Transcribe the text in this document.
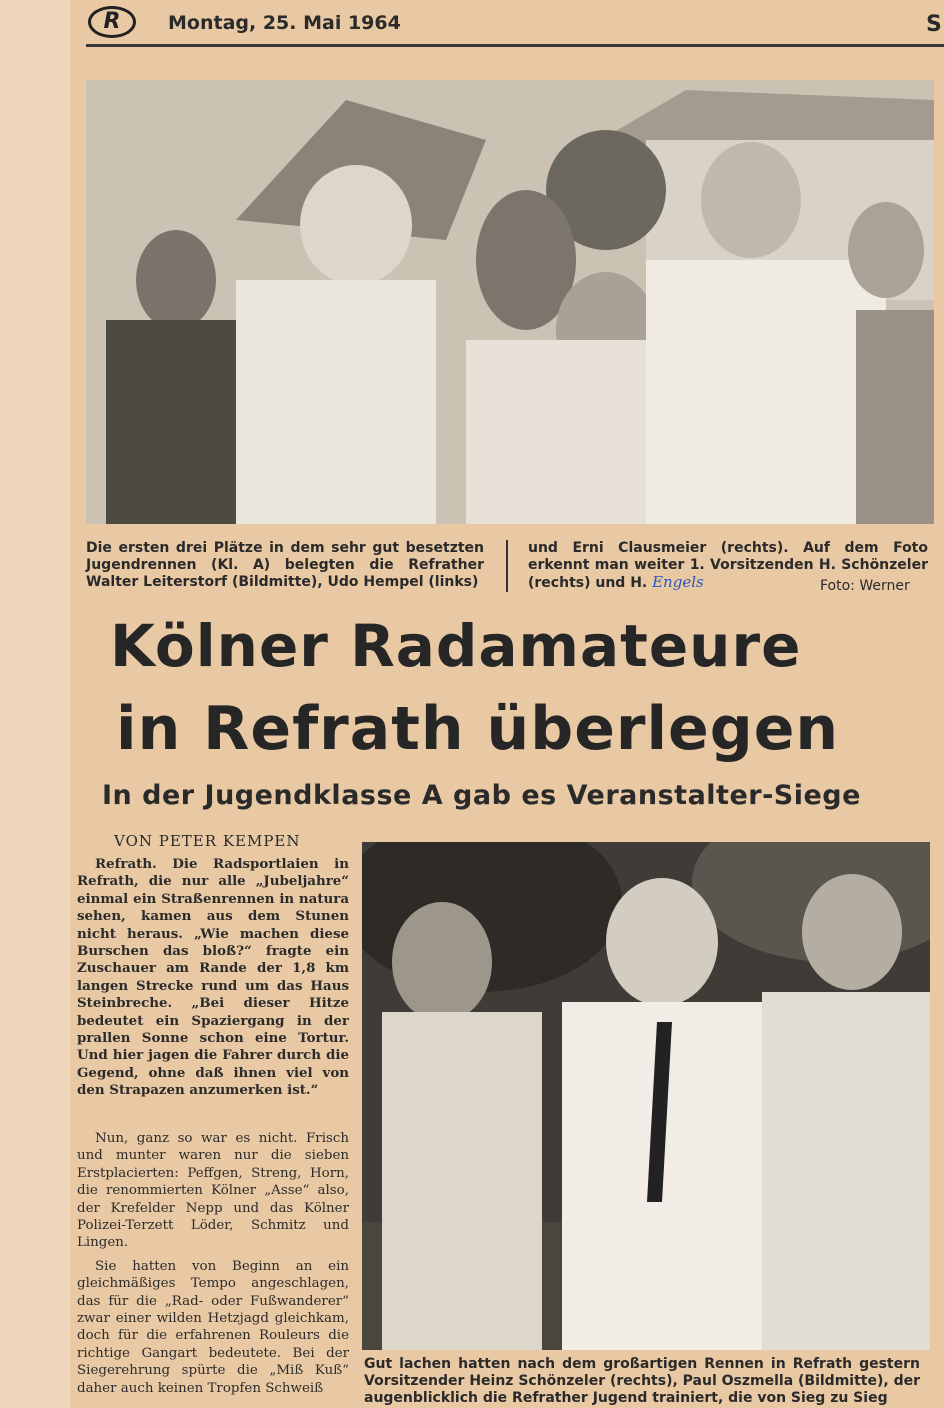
R	Montag, 25. Mai 1964	S
Die ersten drei Plätze in dem sehr gut besetzten Jugendrennen (Kl. A) belegten die Refrather Walter Leiterstorf (Bildmitte), Udo Hempel (links)
und Erni Clausmeier (rechts). Auf dem Foto erkennt man weiter 1. Vorsitzenden H. Schönzeler (rechts) und H. Engels	Foto: Werner
Kölner Radamateure
in Refrath überlegen
In der Jugendklasse A gab es Veranstalter-Siege
VON PETER KEMPEN

Refrath. Die Radsportlaien in Refrath, die nur alle „Jubeljahre“ einmal ein Straßenrennen in natura sehen, kamen aus dem Stunen nicht heraus. „Wie machen diese Burschen das bloß?“ fragte ein Zuschauer am Rande der 1,8 km langen Strecke rund um das Haus Steinbreche. „Bei dieser Hitze bedeutet ein Spaziergang in der prallen Sonne schon eine Tortur. Und hier jagen die Fahrer durch die Gegend, ohne daß ihnen viel von den Strapazen anzumerken ist.“

Nun, ganz so war es nicht. Frisch und munter waren nur die sieben Erstplacierten: Peffgen, Streng, Horn, die renommierten Kölner „Asse“ also, der Krefelder Nepp und das Kölner Polizei-Terzett Löder, Schmitz und Lingen.

Sie hatten von Beginn an ein gleichmäßiges Tempo angeschlagen, das für die „Rad- oder Fußwanderer“ zwar einer wilden Hetzjagd gleichkam, doch für die erfahrenen Rouleurs die richtige Gangart bedeutete. Bei der Siegerehrung spürte die „Miß Kuß“ daher auch keinen Tropfen Schweiß

Gut lachen hatten nach dem großartigen Rennen in Refrath gestern Vorsitzender Heinz Schönzeler (rechts), Paul Oszmella (Bildmitte), der augenblicklich die Refrather Jugend trainiert, die von Sieg zu Sieg
